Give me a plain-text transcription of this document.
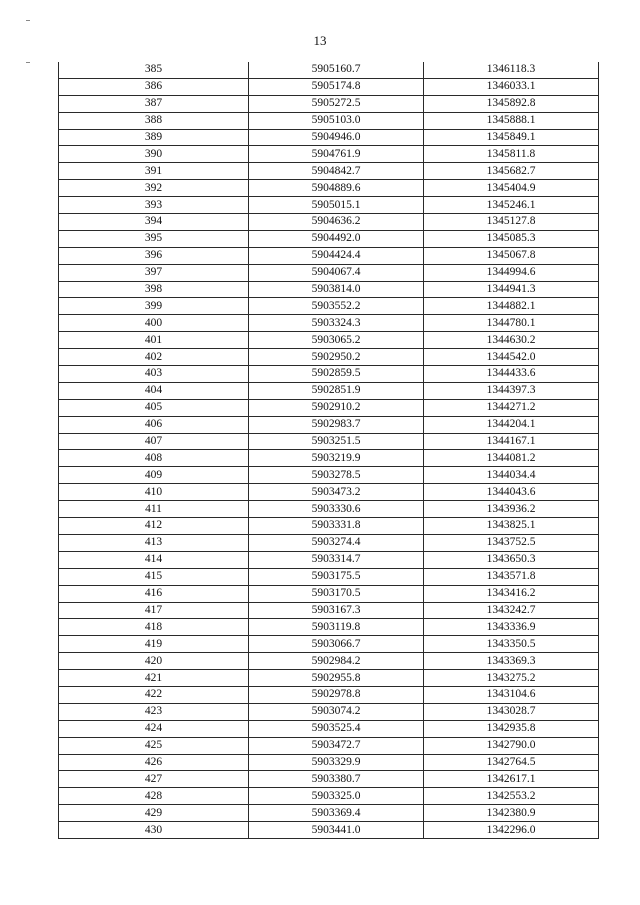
13
385	5905160.7	1346118.3
386	5905174.8	1346033.1
387	5905272.5	1345892.8
388	5905103.0	1345888.1
389	5904946.0	1345849.1
390	5904761.9	1345811.8
391	5904842.7	1345682.7
392	5904889.6	1345404.9
393	5905015.1	1345246.1
394	5904636.2	1345127.8
395	5904492.0	1345085.3
396	5904424.4	1345067.8
397	5904067.4	1344994.6
398	5903814.0	1344941.3
399	5903552.2	1344882.1
400	5903324.3	1344780.1
401	5903065.2	1344630.2
402	5902950.2	1344542.0
403	5902859.5	1344433.6
404	5902851.9	1344397.3
405	5902910.2	1344271.2
406	5902983.7	1344204.1
407	5903251.5	1344167.1
408	5903219.9	1344081.2
409	5903278.5	1344034.4
410	5903473.2	1344043.6
411	5903330.6	1343936.2
412	5903331.8	1343825.1
413	5903274.4	1343752.5
414	5903314.7	1343650.3
415	5903175.5	1343571.8
416	5903170.5	1343416.2
417	5903167.3	1343242.7
418	5903119.8	1343336.9
419	5903066.7	1343350.5
420	5902984.2	1343369.3
421	5902955.8	1343275.2
422	5902978.8	1343104.6
423	5903074.2	1343028.7
424	5903525.4	1342935.8
425	5903472.7	1342790.0
426	5903329.9	1342764.5
427	5903380.7	1342617.1
428	5903325.0	1342553.2
429	5903369.4	1342380.9
430	5903441.0	1342296.0
